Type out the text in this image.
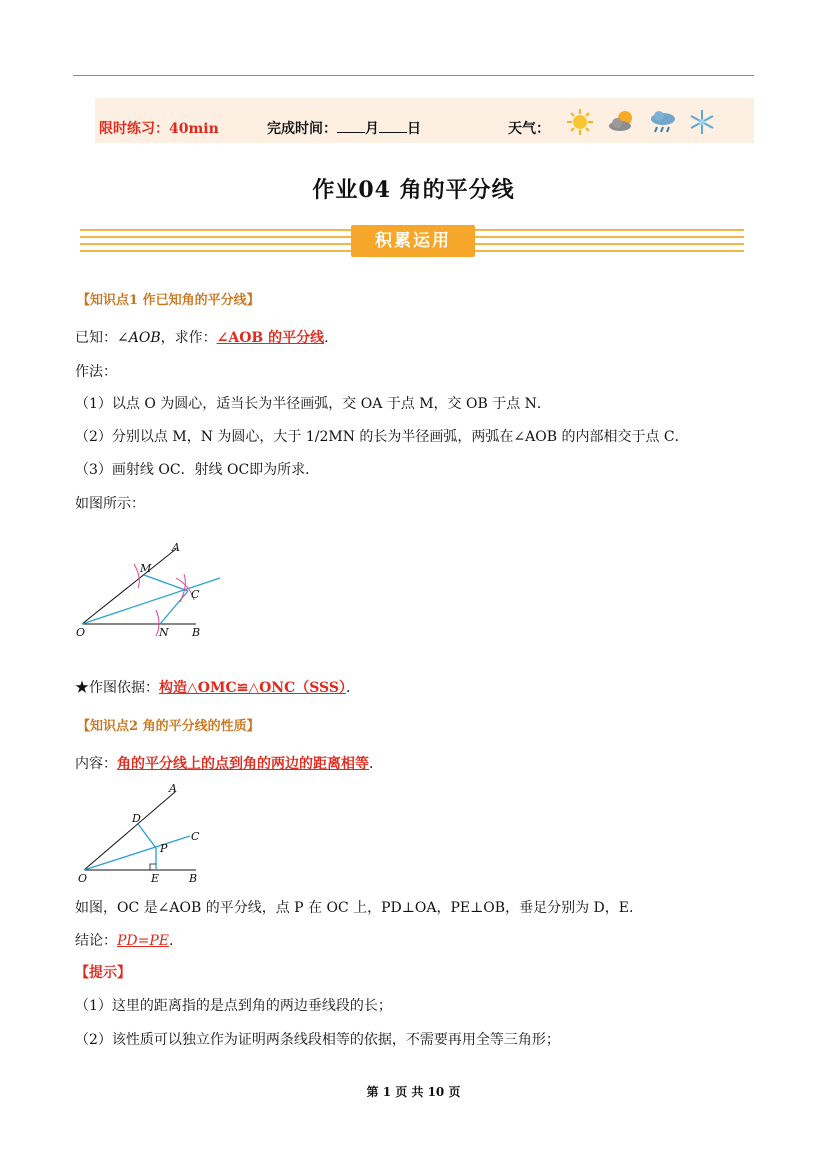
限时练习：40min	完成时间： 月 日	天气：
作业04 角的平分线
积累运用
【知识点1 作已知角的平分线】
已知：∠AOB，求作：∠AOB 的平分线.
作法：
（1）以点 O 为圆心，适当长为半径画弧，交 OA 于点 M，交 OB 于点 N．
（2）分别以点 M，N 为圆心，大于 1/2MN 的长为半径画弧，两弧在∠AOB 的内部相交于点 C．
（3）画射线 OC．射线 OC即为所求．
如图所示：
A
M
C
O	N B
★作图依据：构造△OMC≌△ONC（SSS）．
【知识点2 角的平分线的性质】
内容：角的平分线上的点到角的两边的距离相等．
A
D
C
P
O	E	B
如图，OC 是∠AOB 的平分线，点 P 在 OC 上，PD⊥OA，PE⊥OB，垂足分别为 D，E.
结论：PD=PE.
【提示】
（1）这里的距离指的是点到角的两边垂线段的长；
（2）该性质可以独立作为证明两条线段相等的依据，不需要再用全等三角形；
第 1 页 共 10 页
